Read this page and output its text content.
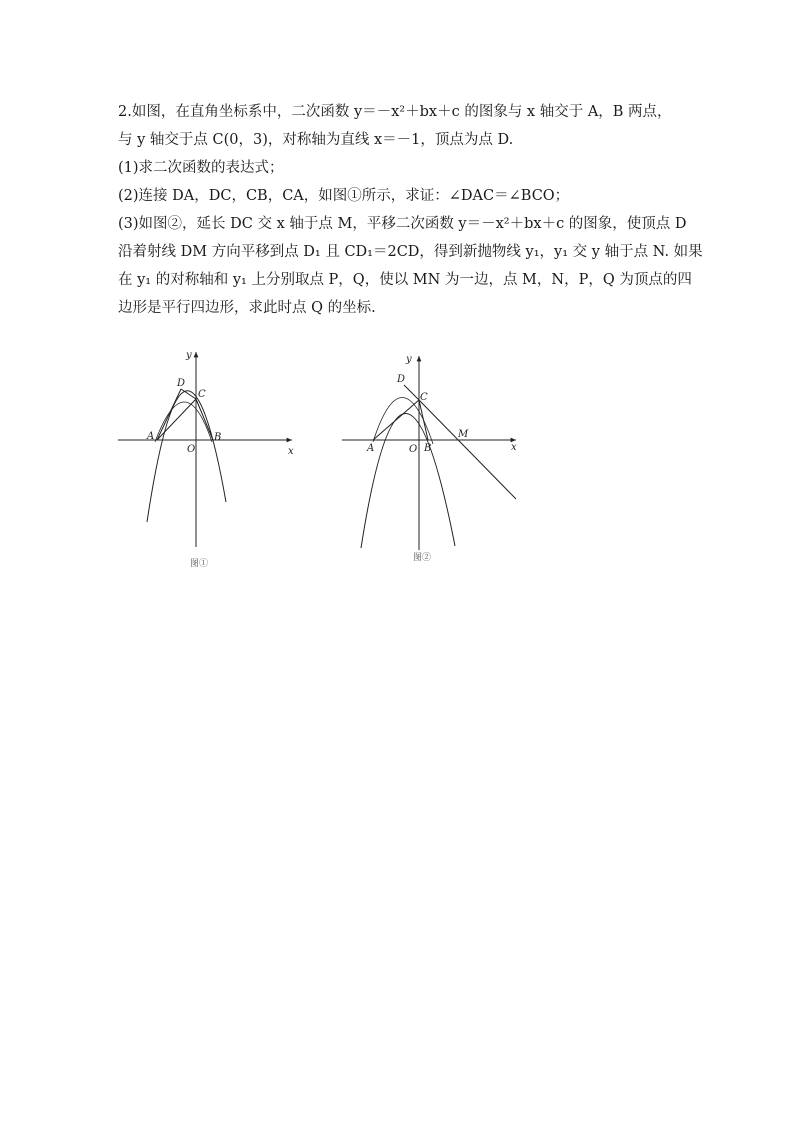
2.如图，在直角坐标系中，二次函数 y＝－x²＋bx＋c 的图象与 x 轴交于 A，B 两点，

与 y 轴交于点 C(0，3)，对称轴为直线 x＝－1，顶点为点 D.

(1)求二次函数的表达式；

(2)连接 DA，DC，CB，CA，如图①所示，求证：∠DAC＝∠BCO；

(3)如图②，延长 DC 交 x 轴于点 M，平移二次函数 y＝－x²＋bx＋c 的图象，使顶点 D

沿着射线 DM 方向平移到点 D₁ 且 CD₁＝2CD，得到新抛物线 y₁，y₁ 交 y 轴于点 N. 如果

在 y₁ 的对称轴和 y₁ 上分别取点 P，Q，使以 MN 为一边，点 M，N，P，Q 为顶点的四

边形是平行四边形，求此时点 Q 的坐标.

y
x
D
C
A
O
B
图①
y
x
D
C
A	O B
M
图②
